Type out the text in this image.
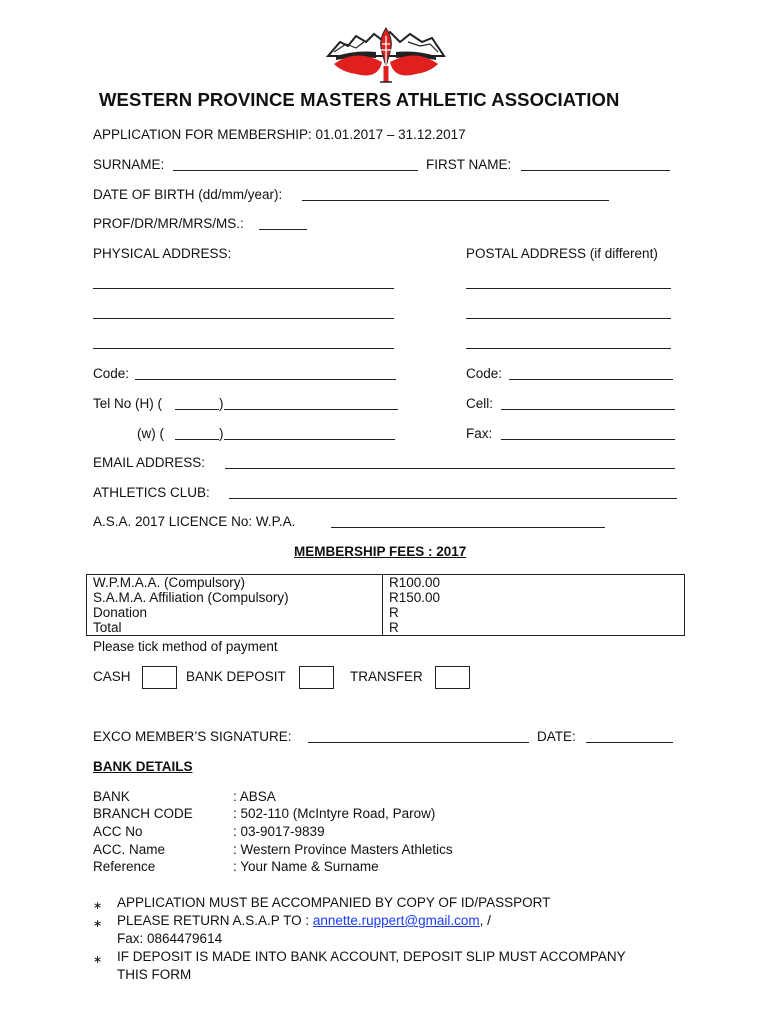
WESTERN PROVINCE MASTERS ATHLETIC ASSOCIATION
APPLICATION FOR MEMBERSHIP: 01.01.2017 – 31.12.2017
SURNAME:	FIRST NAME:
DATE OF BIRTH (dd/mm/year):
PROF/DR/MR/MRS/MS.:
PHYSICAL ADDRESS:	POSTAL ADDRESS (if different)
Code:	Code:
Tel No (H) (	)	Cell:
(w) (	)	Fax:
EMAIL ADDRESS:
ATHLETICS CLUB:
A.S.A. 2017 LICENCE No: W.P.A.
MEMBERSHIP FEES : 2017
W.P.M.A.A. (Compulsory)	R100.00
S.A.M.A. Affiliation (Compulsory)	R150.00
Donation	R
Total	R
Please tick method of payment
CASH	BANK DEPOSIT	TRANSFER
EXCO MEMBER’S SIGNATURE:	DATE:
BANK DETAILS
BANK	: ABSA
BRANCH CODE	: 502-110 (McIntyre Road, Parow)
ACC No	: 03-9017-9839
ACC. Name	: Western Province Masters Athletics
Reference	: Your Name & Surname
∗ APPLICATION MUST BE ACCOMPANIED BY COPY OF ID/PASSPORT
∗ PLEASE RETURN A.S.A.P TO : annette.ruppert@gmail.com, /
Fax: 0864479614
∗ IF DEPOSIT IS MADE INTO BANK ACCOUNT, DEPOSIT SLIP MUST ACCOMPANY
THIS FORM
